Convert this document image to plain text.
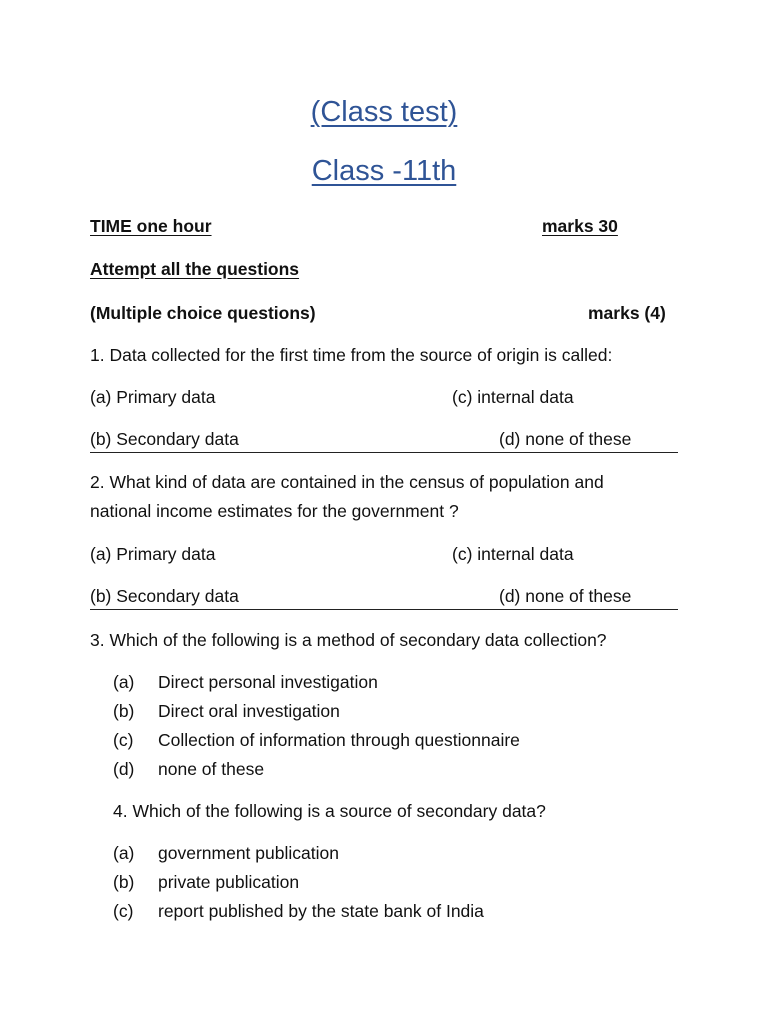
(Class test)
Class -11th
TIME one hour	marks 30
Attempt all the questions
(Multiple choice questions)	marks (4)
1. Data collected for the first time from the source of origin is called:
(a) Primary data	(c) internal data
(b) Secondary data	(d) none of these
2. What kind of data are contained in the census of population and national income estimates for the government ?
(a) Primary data	(c) internal data
(b) Secondary data	(d) none of these
3. Which of the following is a method of secondary data collection?
(a) Direct personal investigation
(b) Direct oral investigation
(c) Collection of information through questionnaire
(d) none of these
4. Which of the following is a source of secondary data?
(a) government publication
(b) private publication
(c) report published by the state bank of India
